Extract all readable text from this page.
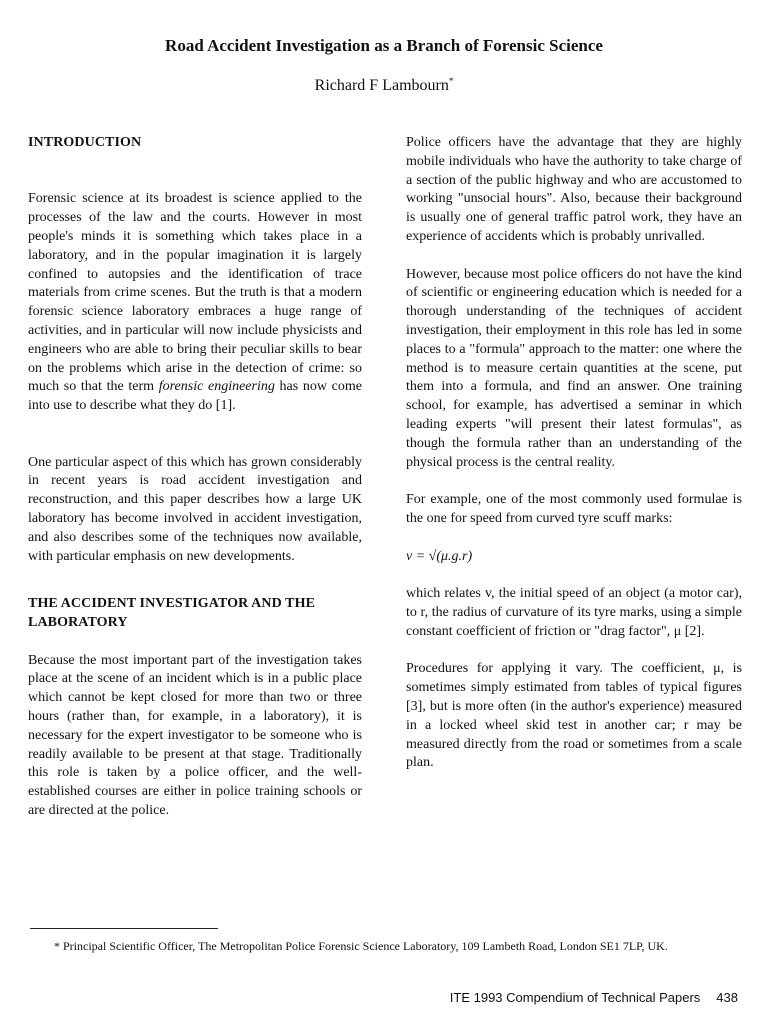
Road Accident Investigation as a Branch of Forensic Science

Richard F Lambourn*

INTRODUCTION

Forensic science at its broadest is science applied to the processes of the law and the courts. However in most people's minds it is something which takes place in a laboratory, and in the popular imagination it is largely confined to autopsies and the identification of trace materials from crime scenes. But the truth is that a modern forensic science laboratory embraces a huge range of activities, and in particular will now include physicists and engineers who are able to bring their peculiar skills to bear on the problems which arise in the detection of crime: so much so that the term forensic engineering has now come into use to describe what they do [1].

One particular aspect of this which has grown considerably in recent years is road accident investigation and reconstruction, and this paper describes how a large UK laboratory has become involved in accident investigation, and also describes some of the techniques now available, with particular emphasis on new developments.

THE ACCIDENT INVESTIGATOR AND THE LABORATORY

Because the most important part of the investigation takes place at the scene of an incident which is in a public place which cannot be kept closed for more than two or three hours (rather than, for example, in a laboratory), it is necessary for the expert investigator to be someone who is readily available to be present at that stage. Traditionally this role is taken by a police officer, and the well-established courses are either in police training schools or are directed at the police.

Police officers have the advantage that they are highly mobile individuals who have the authority to take charge of a section of the public highway and who are accustomed to working "unsocial hours". Also, because their background is usually one of general traffic patrol work, they have an experience of accidents which is probably unrivalled.

However, because most police officers do not have the kind of scientific or engineering education which is needed for a thorough understanding of the techniques of accident investigation, their employment in this role has led in some places to a "formula" approach to the matter: one where the method is to measure certain quantities at the scene, put them into a formula, and find an answer. One training school, for example, has advertised a seminar in which leading experts "will present their latest formulas", as though the formula rather than an understanding of the physical process is the central reality.

For example, one of the most commonly used formulae is the one for speed from curved tyre scuff marks:

v = √(μ.g.r)

which relates v, the initial speed of an object (a motor car), to r, the radius of curvature of its tyre marks, using a simple constant coefficient of friction or "drag factor", μ [2].

Procedures for applying it vary. The coefficient, μ, is sometimes simply estimated from tables of typical figures [3], but is more often (in the author's experience) measured in a locked wheel skid test in another car; r may be measured directly from the road or sometimes from a scale plan.

* Principal Scientific Officer, The Metropolitan Police Forensic Science Laboratory, 109 Lambeth Road, London SE1 7LP, UK.

ITE 1993 Compendium of Technical Papers 438
